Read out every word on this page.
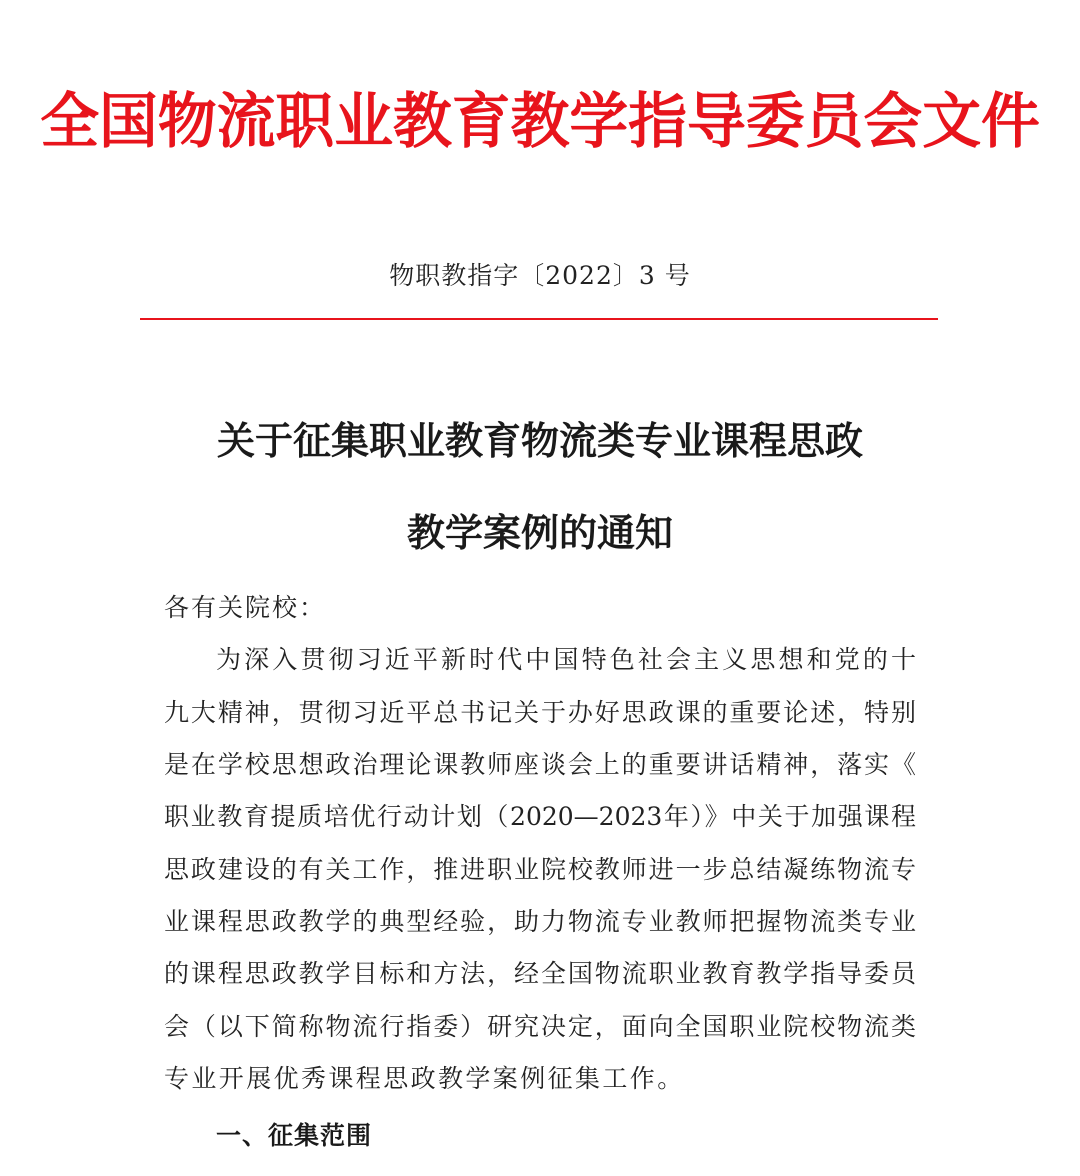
全国物流职业教育教学指导委员会文件
物职教指字〔2022〕3 号
关于征集职业教育物流类专业课程思政
教学案例的通知
各有关院校：
为深入贯彻习近平新时代中国特色社会主义思想和党的十
九大精神，贯彻习近平总书记关于办好思政课的重要论述，特别
是在学校思想政治理论课教师座谈会上的重要讲话精神，落实《
职业教育提质培优行动计划（2020—2023年）》中关于加强课程
思政建设的有关工作，推进职业院校教师进一步总结凝练物流专
业课程思政教学的典型经验，助力物流专业教师把握物流类专业
的课程思政教学目标和方法，经全国物流职业教育教学指导委员
会（以下简称物流行指委）研究决定，面向全国职业院校物流类
专业开展优秀课程思政教学案例征集工作。
一、征集范围
